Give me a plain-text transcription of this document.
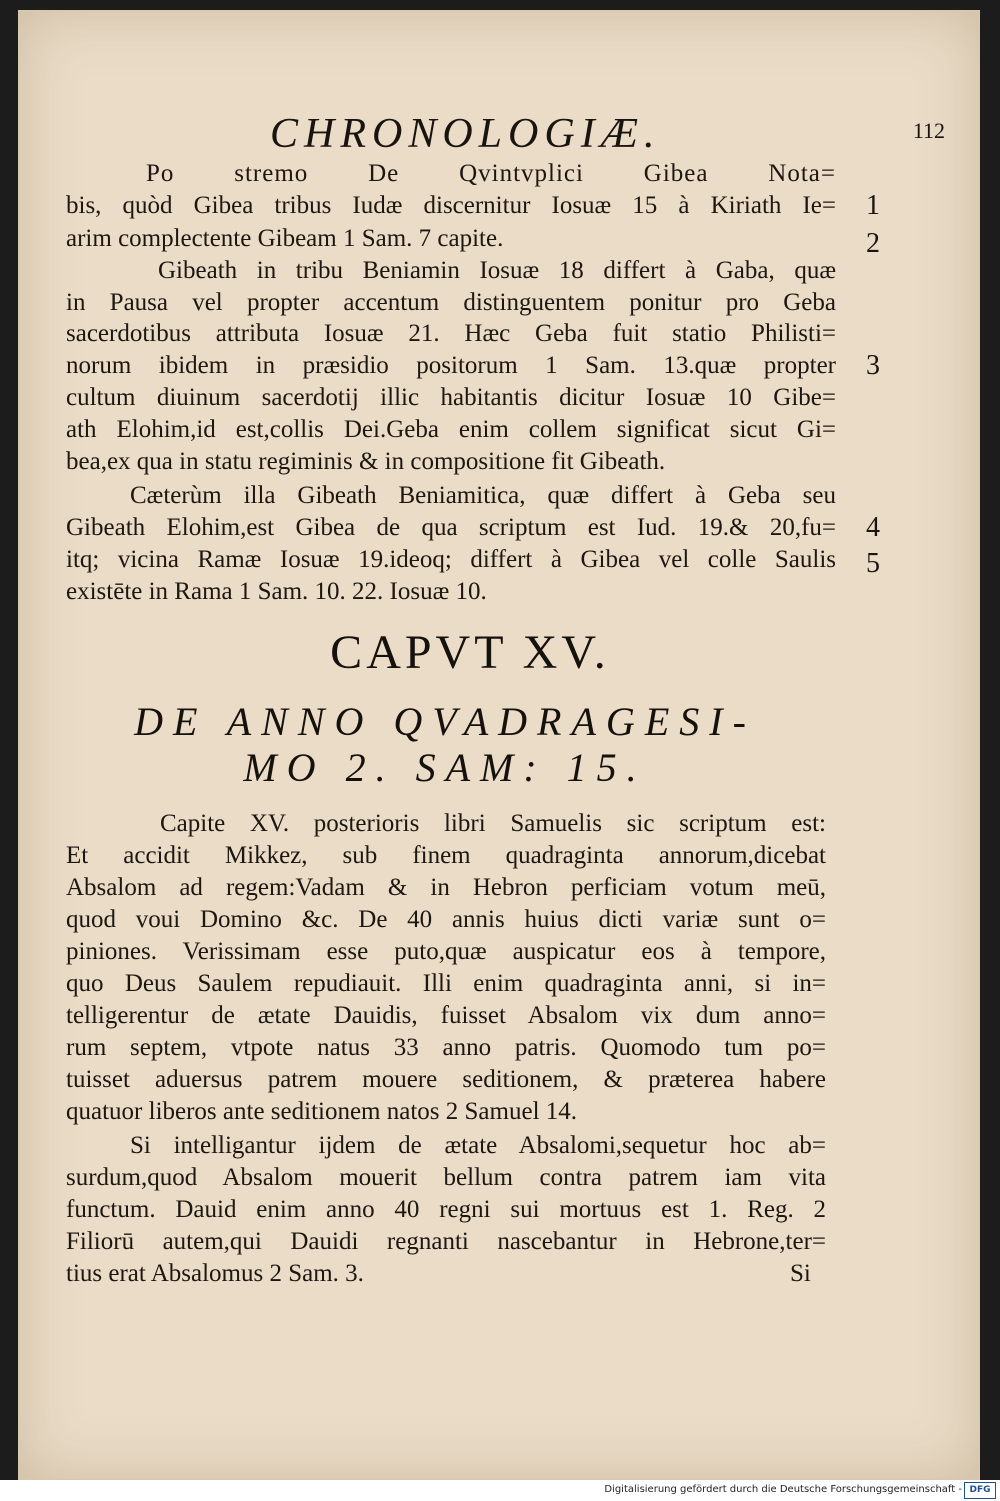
CHRONOLOGIÆ.	112
Po stremo De Qvintvplici Gibea Nota=
bis, quòd Gibea tribus Iudæ discernitur Iosuæ 15 à Kiriath Ie=
arim complectente Gibeam 1 Sam. 7 capite.
Gibeath in tribu Beniamin Iosuæ 18 differt à Gaba, quæ
in Pausa vel propter accentum distinguentem ponitur pro Geba
sacerdotibus attributa Iosuæ 21. Hæc Geba fuit statio Philisti=
norum ibidem in præsidio positorum 1 Sam. 13.quæ propter
cultum diuinum sacerdotij illic habitantis dicitur Iosuæ 10 Gibe=
ath Elohim,id est,collis Dei.Geba enim collem significat sicut Gi=
bea,ex qua in statu regiminis & in compositione fit Gibeath.
Cæterùm illa Gibeath Beniamitica, quæ differt à Geba seu
Gibeath Elohim,est Gibea de qua scriptum est Iud. 19.& 20,fu=
itq; vicina Ramæ Iosuæ 19.ideoq; differt à Gibea vel colle Saulis
existēte in Rama 1 Sam. 10. 22. Iosuæ 10.
1
2
3
4
5
CAPVT XV.
DE ANNO QVADRAGESI-
MO 2. SAM: 15.
Capite XV. posterioris libri Samuelis sic scriptum est:
Et accidit Mikkez, sub finem quadraginta annorum,dicebat
Absalom ad regem:Vadam & in Hebron perficiam votum meū,
quod voui Domino &c. De 40 annis huius dicti variæ sunt o=
piniones. Verissimam esse puto,quæ auspicatur eos à tempore,
quo Deus Saulem repudiauit. Illi enim quadraginta anni, si in=
telligerentur de ætate Dauidis, fuisset Absalom vix dum anno=
rum septem, vtpote natus 33 anno patris. Quomodo tum po=
tuisset aduersus patrem mouere seditionem, & præterea habere
quatuor liberos ante seditionem natos 2 Samuel 14.
Si intelligantur ijdem de ætate Absalomi,sequetur hoc ab=
surdum,quod Absalom mouerit bellum contra patrem iam vita
functum. Dauid enim anno 40 regni sui mortuus est 1. Reg. 2
Filiorū autem,qui Dauidi regnanti nascebantur in Hebrone,ter=
tius erat Absalomus 2 Sam. 3.	Si
Digitalisierung gefördert durch die Deutsche Forschungsgemeinschaft - DFG
